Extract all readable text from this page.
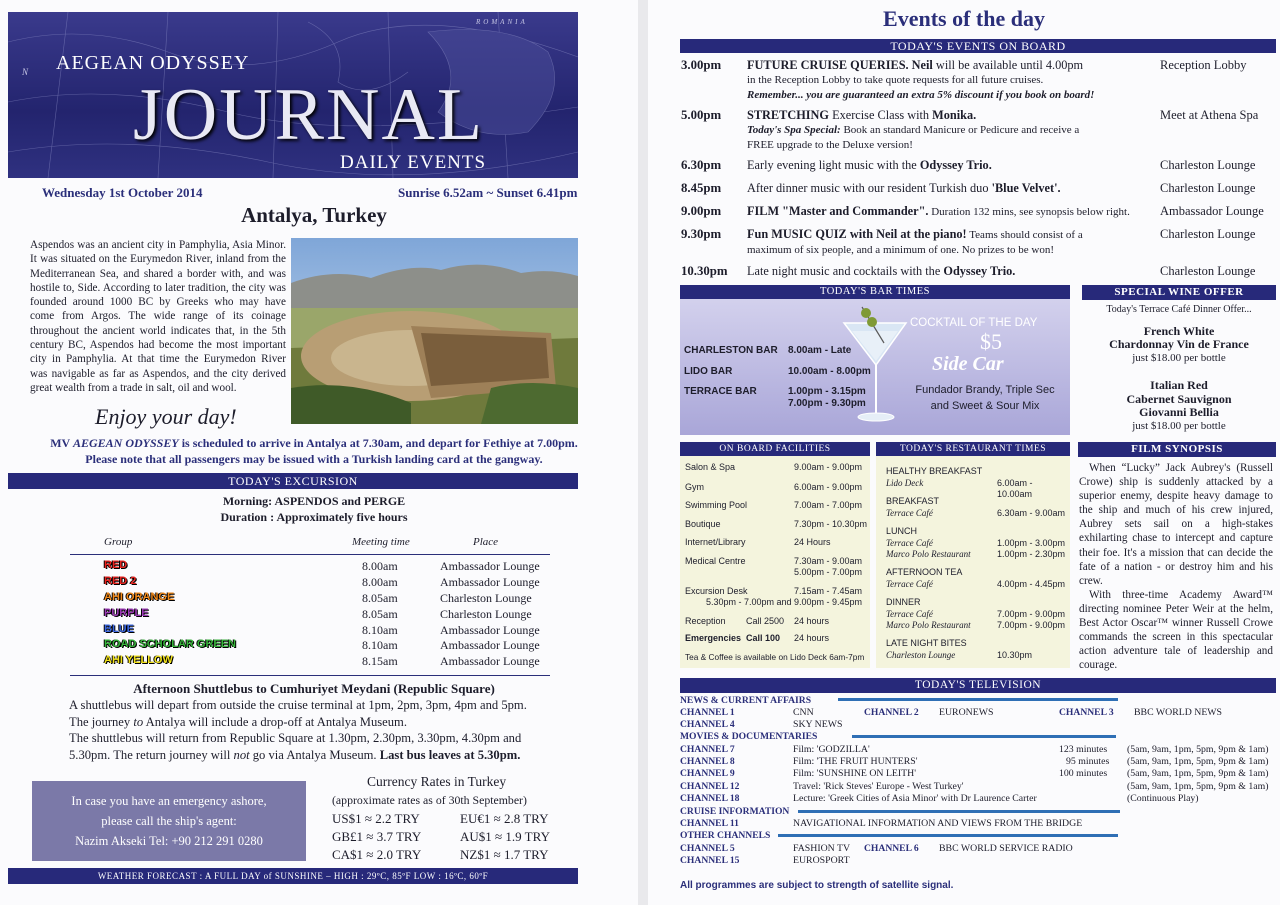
ROMANIA
N AEGEAN ODYSSEY
JOURNAL
DAILY EVENTS
Wednesday 1st October 2014	Sunrise 6.52am ~ Sunset 6.41pm
Antalya, Turkey
Aspendos was an ancient city in Pamphylia, Asia Minor. It was situated on the Eurymedon River, inland from the Mediterranean Sea, and shared a border with, and was hostile to, Side. According to later tradition, the city was founded around 1000 BC by Greeks who may have come from Argos. The wide range of its coinage throughout the ancient world indicates that, in the 5th century BC, Aspendos had become the most important city in Pamphylia. At that time the Eurymedon River was navigable as far as Aspendos, and the city derived great wealth from a trade in salt, oil and wool.
Enjoy your day!
MV AEGEAN ODYSSEY is scheduled to arrive in Antalya at 7.30am, and depart for Fethiye at 7.00pm.
Please note that all passengers may be issued with a Turkish landing card at the gangway.
TODAY'S EXCURSION
Morning: ASPENDOS and PERGE
Duration : Approximately five hours
Group	Meeting time	Place
RED	8.00am	Ambassador Lounge
RED 2	8.00am	Ambassador Lounge
AHI ORANGE	8.05am	Charleston Lounge
PURPLE	8.05am	Charleston Lounge
BLUE	8.10am	Ambassador Lounge
ROAD SCHOLAR GREEN	8.10am	Ambassador Lounge
AHI YELLOW	8.15am	Ambassador Lounge
Afternoon Shuttlebus to Cumhuriyet Meydani (Republic Square)
A shuttlebus will depart from outside the cruise terminal at 1pm, 2pm, 3pm, 4pm and 5pm.
The journey to Antalya will include a drop-off at Antalya Museum.
The shuttlebus will return from Republic Square at 1.30pm, 2.30pm, 3.30pm, 4.30pm and 5.30pm. The return journey will not go via Antalya Museum. Last bus leaves at 5.30pm.
In case you have an emergency ashore,
please call the ship's agent:
Nazim Akseki Tel: +90 212 291 0280
Currency Rates in Turkey
(approximate rates as of 30th September)
US$1 ≈ 2.2 TRY	EU€1 ≈ 2.8 TRY
GB£1 ≈ 3.7 TRY	AU$1 ≈ 1.9 TRY
CA$1 ≈ 2.0 TRY	NZ$1 ≈ 1.7 TRY
WEATHER FORECAST : A FULL DAY of SUNSHINE – HIGH : 29ºC, 85ºF LOW : 16ºC, 60ºF
Events of the day
TODAY'S EVENTS ON BOARD
3.00pm FUTURE CRUISE QUERIES. Neil will be available until 4.00pm
in the Reception Lobby to take quote requests for all future cruises.
Remember... you are guaranteed an extra 5% discount if you book on board!
Reception Lobby
5.00pm STRETCHING Exercise Class with Monika.
Today's Spa Special: Book an standard Manicure or Pedicure and receive a
FREE upgrade to the Deluxe version!
Meet at Athena Spa
6.30pm Early evening light music with the Odyssey Trio.	Charleston Lounge
8.45pm After dinner music with our resident Turkish duo 'Blue Velvet'.	Charleston Lounge
9.00pm FILM "Master and Commander". Duration 132 mins, see synopsis below right.	Ambassador Lounge
9.30pm Fun MUSIC QUIZ with Neil at the piano! Teams should consist of a
maximum of six people, and a minimum of one. No prizes to be won!
Charleston Lounge
10.30pm Late night music and cocktails with the Odyssey Trio.	Charleston Lounge
TODAY'S BAR TIMES
CHARLESTON BAR 8.00am - Late
LIDO BAR	10.00am - 8.00pm
TERRACE BAR	1.00pm - 3.15pm
7.00pm - 9.30pm
COCKTAIL OF THE DAY
$5
Side Car
Fundador Brandy, Triple Sec
and Sweet & Sour Mix
SPECIAL WINE OFFER
Today's Terrace Café Dinner Offer...
French White
Chardonnay Vin de France
just $18.00 per bottle
Italian Red
Cabernet Sauvignon
Giovanni Bellia
just $18.00 per bottle
ON BOARD FACILITIES
Salon & Spa	9.00am - 9.00pm
Gym	6.00am - 9.00pm
Swimming Pool	7.00am - 7.00pm
Boutique	7.30pm - 10.30pm
Internet/Library	24 Hours
Medical Centre	7.30am - 9.00am
5.00pm - 7.00pm
Excursion Desk	7.15am - 7.45am
5.30pm - 7.00pm and 9.00pm - 9.45pm
Reception Call 2500 24 hours
Emergencies Call 100 24 hours
Tea & Coffee is available on Lido Deck 6am-7pm
TODAY'S RESTAURANT TIMES
HEALTHY BREAKFAST
Lido Deck	6.00am - 10.00am
BREAKFAST
Terrace Café	6.30am - 9.00am
LUNCH
Terrace Café	1.00pm - 3.00pm
Marco Polo Restaurant	1.00pm - 2.30pm
AFTERNOON TEA
Terrace Café	4.00pm - 4.45pm
DINNER
Terrace Café	7.00pm - 9.00pm
Marco Polo Restaurant	7.00pm - 9.00pm
LATE NIGHT BITES
Charleston Lounge	10.30pm
FILM SYNOPSIS
When “Lucky” Jack Aubrey's (Russell Crowe) ship is suddenly attacked by a superior enemy, despite heavy damage to the ship and much of his crew injured, Aubrey sets sail on a high-stakes exhilarting chase to intercept and capture their foe. It's a mission that can decide the fate of a nation - or destroy him and his crew.
With three-time Academy Award™ directing nominee Peter Weir at the helm, Best Actor Oscar™ winner Russell Crowe commands the screen in this spectacular action adventure tale of leadership and courage.
TODAY'S TELEVISION
NEWS & CURRENT AFFAIRS
CHANNEL 1	CNN	CHANNEL 2 EURONEWS	CHANNEL 3 BBC WORLD NEWS
CHANNEL 4	SKY NEWS
MOVIES & DOCUMENTARIES
CHANNEL 7	Film: 'GODZILLA'	123 minutes (5am, 9am, 1pm, 5pm, 9pm & 1am)
CHANNEL 8	Film: 'THE FRUIT HUNTERS'	95 minutes (5am, 9am, 1pm, 5pm, 9pm & 1am)
CHANNEL 9	Film: 'SUNSHINE ON LEITH'	100 minutes (5am, 9am, 1pm, 5pm, 9pm & 1am)
CHANNEL 12	Travel: 'Rick Steves' Europe - West Turkey'	(5am, 9am, 1pm, 5pm, 9pm & 1am)
CHANNEL 18	Lecture: 'Greek Cities of Asia Minor' with Dr Laurence Carter	(Continuous Play)
CRUISE INFORMATION
CHANNEL 11	NAVIGATIONAL INFORMATION AND VIEWS FROM THE BRIDGE
OTHER CHANNELS
CHANNEL 5	FASHION TV CHANNEL 6 BBC WORLD SERVICE RADIO
CHANNEL 15	EUROSPORT
All programmes are subject to strength of satellite signal.
